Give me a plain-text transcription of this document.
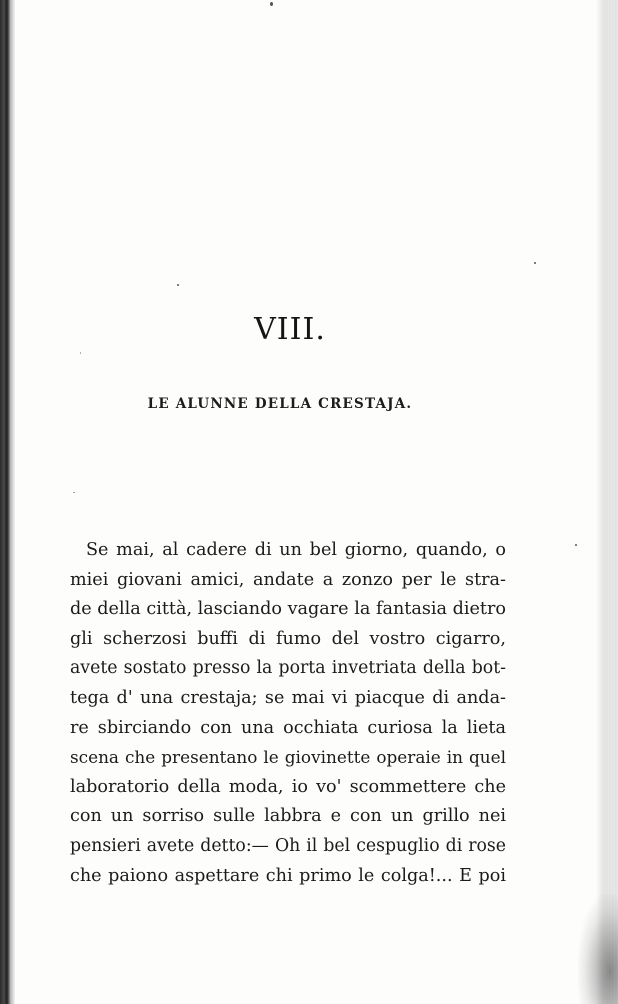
VIII.
LE ALUNNE DELLA CRESTAJA.
Se mai, al cadere di un bel giorno, quando, o
miei giovani amici, andate a zonzo per le stra-
de della città, lasciando vagare la fantasia dietro
gli scherzosi buffi di fumo del vostro cigarro,
avete sostato presso la porta invetriata della bot-
tega d' una crestaja; se mai vi piacque di anda-
re sbirciando con una occhiata curiosa la lieta
scena che presentano le giovinette operaie in quel
laboratorio della moda, io vo' scommettere che
con un sorriso sulle labbra e con un grillo nei
pensieri avete detto:— Oh il bel cespuglio di rose
che paiono aspettare chi primo le colga!... E poi
